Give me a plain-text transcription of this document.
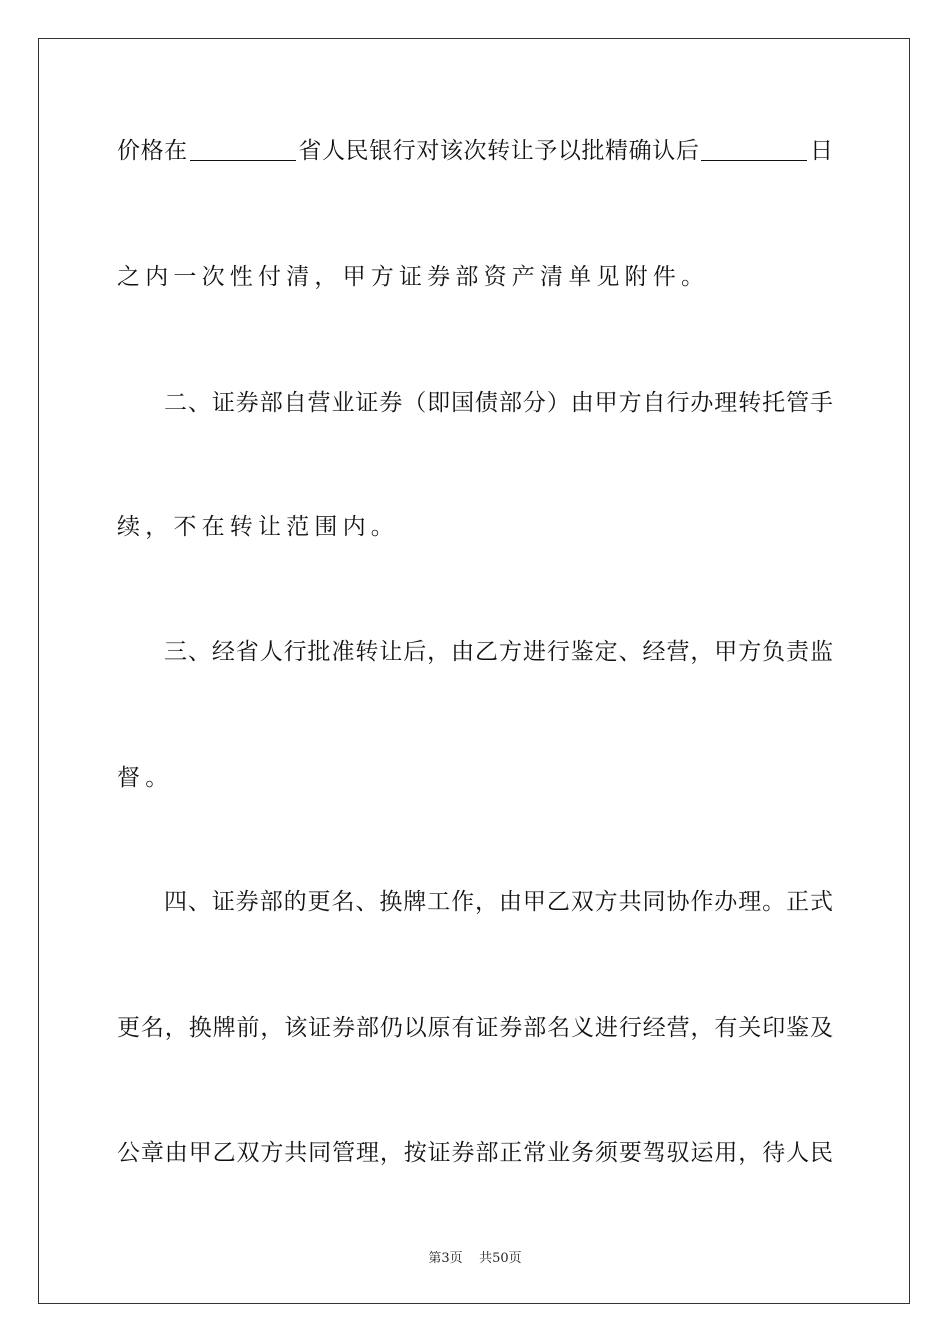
价格在	省人民银行对该次转让予以批精确认后	日
之内一次性付清，甲方证券部资产清单见附件。
二、证券部自营业证券（即国债部分）由甲方自行办理转托管手
续，不在转让范围内。
三、经省人行批准转让后，由乙方进行鉴定、经营，甲方负责监
督。
四、证券部的更名、换牌工作，由甲乙双方共同协作办理。正式
更名，换牌前，该证券部仍以原有证券部名义进行经营，有关印鉴及
公章由甲乙双方共同管理，按证券部正常业务须要驾驭运用，待人民
第3页    共50页
